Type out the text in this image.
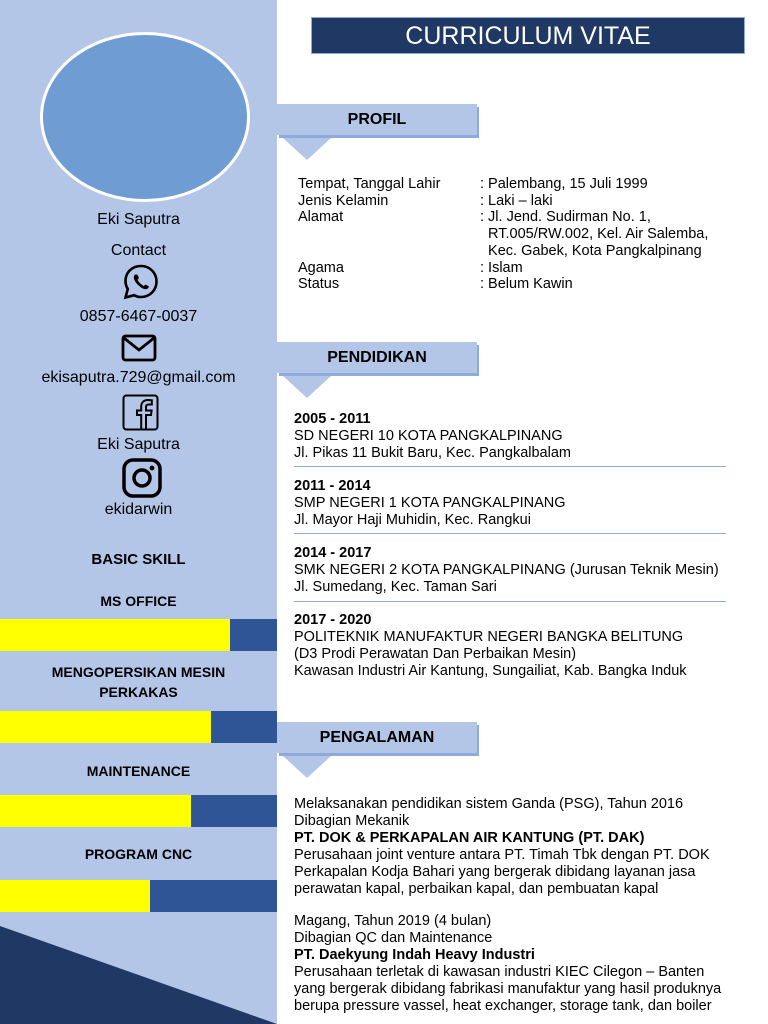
Eki Saputra
Contact
0857-6467-0037
ekisaputra.729@gmail.com
Eki Saputra
ekidarwin
BASIC SKILL
MS OFFICE
MENGOPERSIKAN MESIN PERKAKAS
MAINTENANCE
PROGRAM CNC
CURRICULUM VITAE
PROFIL
Tempat, Tanggal Lahir	: Palembang, 15 Juli 1999
Jenis Kelamin	: Laki – laki
Alamat	: Jl. Jend. Sudirman No. 1,
	RT.005/RW.002, Kel. Air Salemba,
	Kec. Gabek, Kota Pangkalpinang
Agama	: Islam
Status	: Belum Kawin
PENDIDIKAN
2005 - 2011
SD NEGERI 10 KOTA PANGKALPINANG
Jl. Pikas 11 Bukit Baru, Kec. Pangkalbalam
2011 - 2014
SMP NEGERI 1 KOTA PANGKALPINANG
Jl. Mayor Haji Muhidin, Kec. Rangkui
2014 - 2017
SMK NEGERI 2 KOTA PANGKALPINANG (Jurusan Teknik Mesin)
Jl. Sumedang, Kec. Taman Sari
2017 - 2020
POLITEKNIK MANUFAKTUR NEGERI BANGKA BELITUNG
(D3 Prodi Perawatan Dan Perbaikan Mesin)
Kawasan Industri Air Kantung, Sungailiat, Kab. Bangka Induk
PENGALAMAN
Melaksanakan pendidikan sistem Ganda (PSG), Tahun 2016
Dibagian Mekanik
PT. DOK & PERKAPALAN AIR KANTUNG (PT. DAK)
Perusahaan joint venture antara PT. Timah Tbk dengan PT. DOK
Perkapalan Kodja Bahari yang bergerak dibidang layanan jasa
perawatan kapal, perbaikan kapal, dan pembuatan kapal
Magang, Tahun 2019 (4 bulan)
Dibagian QC dan Maintenance
PT. Daekyung Indah Heavy Industri
Perusahaan terletak di kawasan industri KIEC Cilegon – Banten
yang bergerak dibidang fabrikasi manufaktur yang hasil produknya
berupa pressure vassel, heat exchanger, storage tank, dan boiler
